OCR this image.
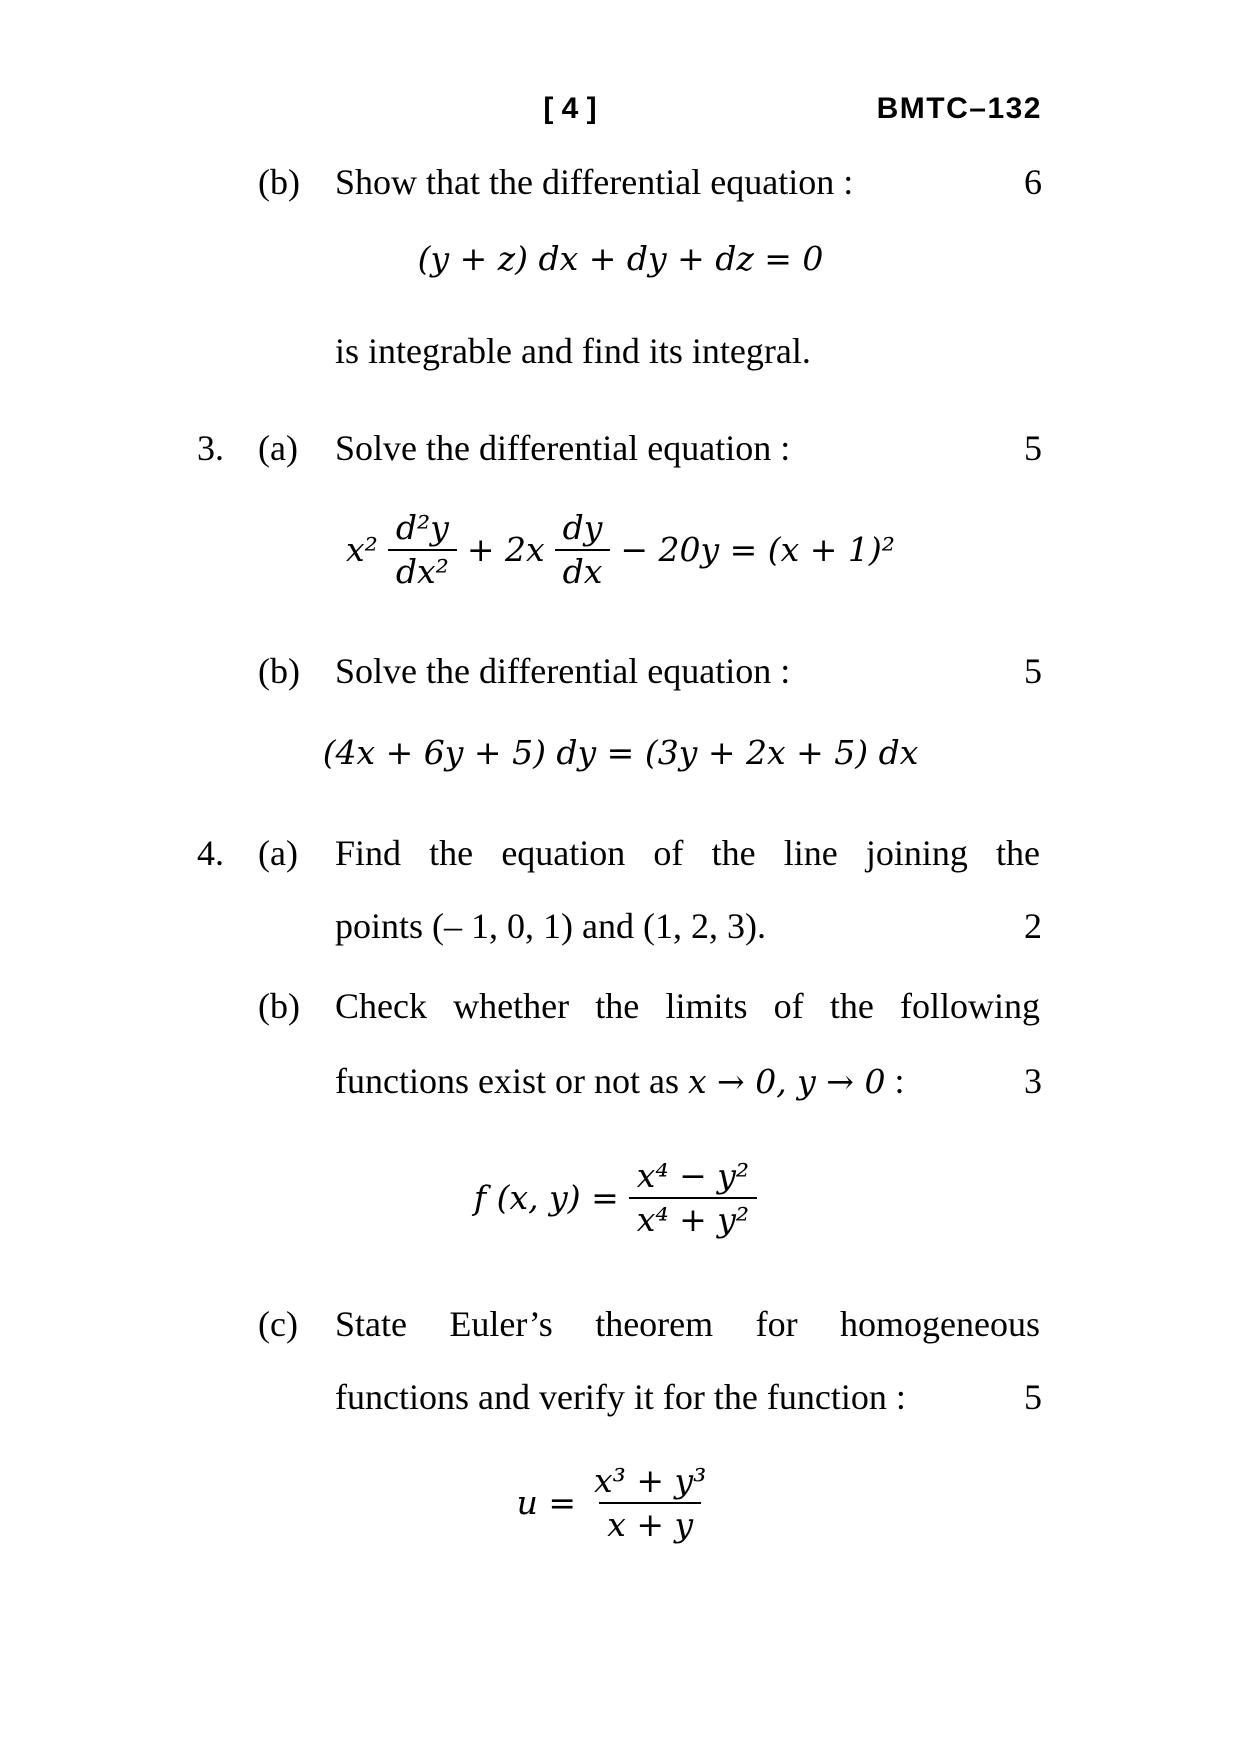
[ 4 ]	BMTC–132
(b) Show that the differential equation :	6
(y + z) dx + dy + dz = 0
is integrable and find its integral.
3. (a) Solve the differential equation :	5
$x^2 \frac{\text{d²y}}{\text{dx²}} + 2x \frac{dy}{dx} - 20y = (x + 1)^2$
(b) Solve the differential equation :	5
(4x + 6y + 5) dy = (3y + 2x + 5) dx
4. (a) Find the equation of the line joining the
points (– 1, 0, 1) and (1, 2, 3).	2
(b) Check whether the limits of the following
functions exist or not as x → 0, y → 0 :	3
f (x, $y) = \frac{\text{x⁴ − y²}}{\text{x⁴ + y²}}$
(c) State Euler’s theorem for homogeneous
functions and verify it for the function :	5
$u = \frac{\text{x³ + y³}}{x + y}$
